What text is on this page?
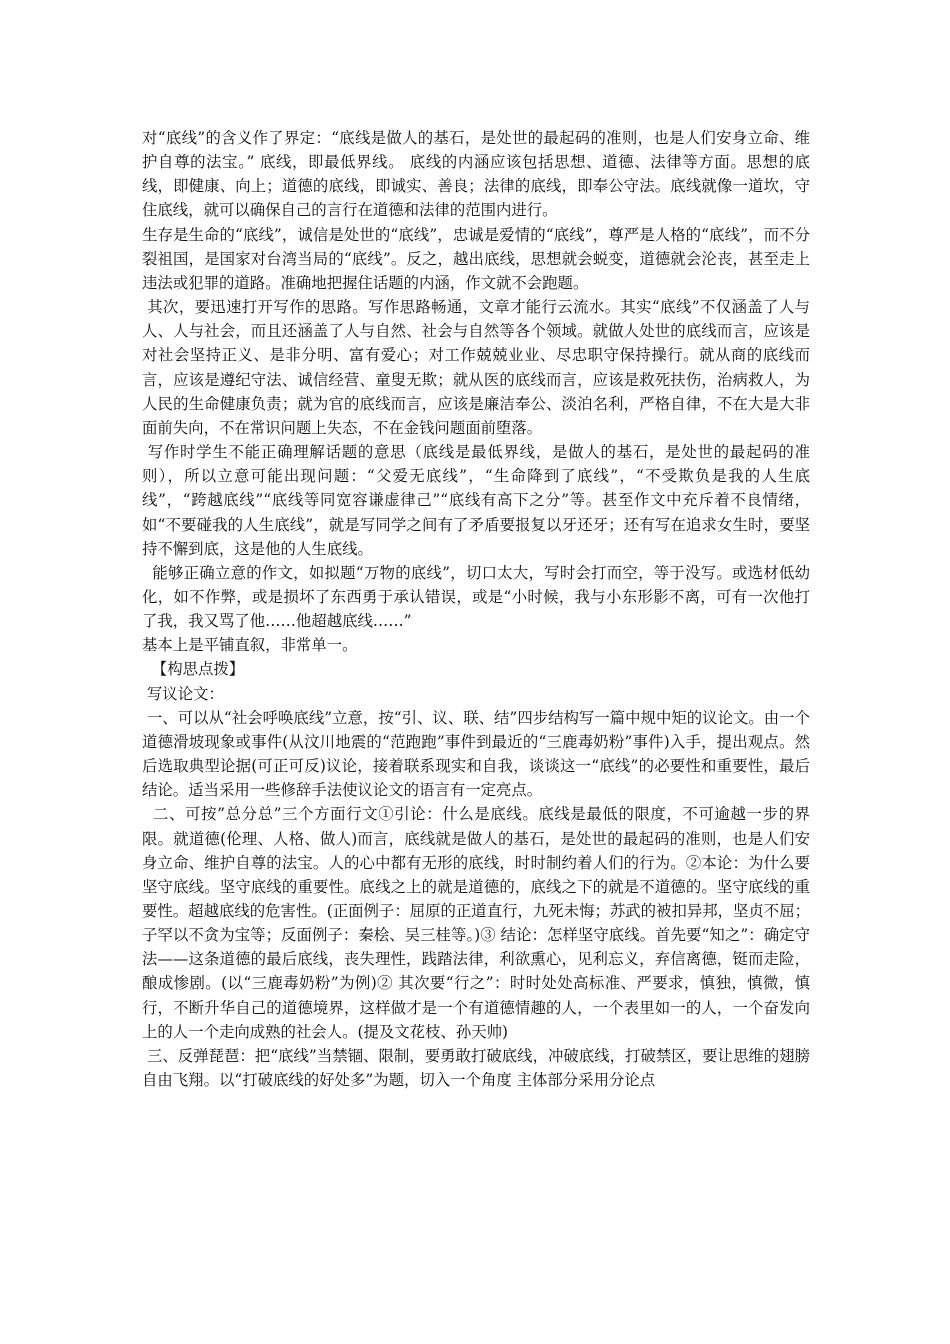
对“底线”的含义作了界定：“底线是做人的基石，是处世的最起码的准则，也是人们安身立命、维护自尊的法宝。” 底线，即最低界线。 底线的内涵应该包括思想、道德、法律等方面。思想的底线，即健康、向上；道德的底线，即诚实、善良；法律的底线，即奉公守法。底线就像一道坎，守住底线，就可以确保自己的言行在道德和法律的范围内进行。

生存是生命的“底线”，诚信是处世的“底线”，忠诚是爱情的“底线”，尊严是人格的“底线”，而不分裂祖国，是国家对台湾当局的“底线”。反之，越出底线，思想就会蜕变，道德就会沦丧，甚至走上违法或犯罪的道路。准确地把握住话题的内涵，作文就不会跑题。

其次，要迅速打开写作的思路。写作思路畅通，文章才能行云流水。其实“底线”不仅涵盖了人与人、人与社会，而且还涵盖了人与自然、社会与自然等各个领域。就做人处世的底线而言，应该是对社会坚持正义、是非分明、富有爱心；对工作兢兢业业、尽忠职守保持操行。就从商的底线而言，应该是遵纪守法、诚信经营、童叟无欺；就从医的底线而言，应该是救死扶伤，治病救人，为人民的生命健康负责；就为官的底线而言，应该是廉洁奉公、淡泊名利，严格自律，不在大是大非面前失向，不在常识问题上失态，不在金钱问题面前堕落。

写作时学生不能正确理解话题的意思（底线是最低界线，是做人的基石，是处世的最起码的准则），所以立意可能出现问题：“父爱无底线”，“生命降到了底线”，“不受欺负是我的人生底线”，“跨越底线”“底线等同宽容谦虚律己”“底线有高下之分”等。甚至作文中充斥着不良情绪，如“不要碰我的人生底线”，就是写同学之间有了矛盾要报复以牙还牙；还有写在追求女生时，要坚持不懈到底，这是他的人生底线。

能够正确立意的作文，如拟题“万物的底线”，切口太大，写时会打而空，等于没写。或选材低幼化，如不作弊，或是损坏了东西勇于承认错误，或是“小时候，我与小东形影不离，可有一次他打了我，我又骂了他……他超越底线……”

基本上是平铺直叙，非常单一。

【构思点拨】

写议论文：

一、可以从“社会呼唤底线”立意，按“引、议、联、结”四步结构写一篇中规中矩的议论文。由一个道德滑坡现象或事件(从汶川地震的“范跑跑”事件到最近的“三鹿毒奶粉”事件)入手，提出观点。然后选取典型论据(可正可反)议论，接着联系现实和自我，谈谈这一“底线”的必要性和重要性，最后结论。适当采用一些修辞手法使议论文的语言有一定亮点。

二、可按”总分总”三个方面行文①引论：什么是底线。底线是最低的限度，不可逾越一步的界限。就道德(伦理、人格、做人)而言，底线就是做人的基石，是处世的最起码的准则，也是人们安身立命、维护自尊的法宝。人的心中都有无形的底线，时时制约着人们的行为。②本论：为什么要坚守底线。坚守底线的重要性。底线之上的就是道德的，底线之下的就是不道德的。坚守底线的重要性。超越底线的危害性。(正面例子：屈原的正道直行，九死未悔；苏武的被扣异邦，坚贞不屈；子罕以不贪为宝等；反面例子：秦桧、吴三桂等。)③ 结论：怎样坚守底线。首先要“知之”：确定守法——这条道德的最后底线，丧失理性，践踏法律，利欲熏心，见利忘义，弃信离德，铤而走险，酿成惨剧。(以“三鹿毒奶粉”为例)② 其次要“行之”：时时处处高标准、严要求，慎独，慎微，慎行，不断升华自己的道德境界，这样做才是一个有道德情趣的人，一个表里如一的人，一个奋发向上的人一个走向成熟的社会人。(提及文花枝、孙天帅)

三、反弹琵琶：把“底线”当禁锢、限制，要勇敢打破底线，冲破底线，打破禁区，要让思维的翅膀自由飞翔。以“打破底线的好处多”为题，切入一个角度 主体部分采用分论点
